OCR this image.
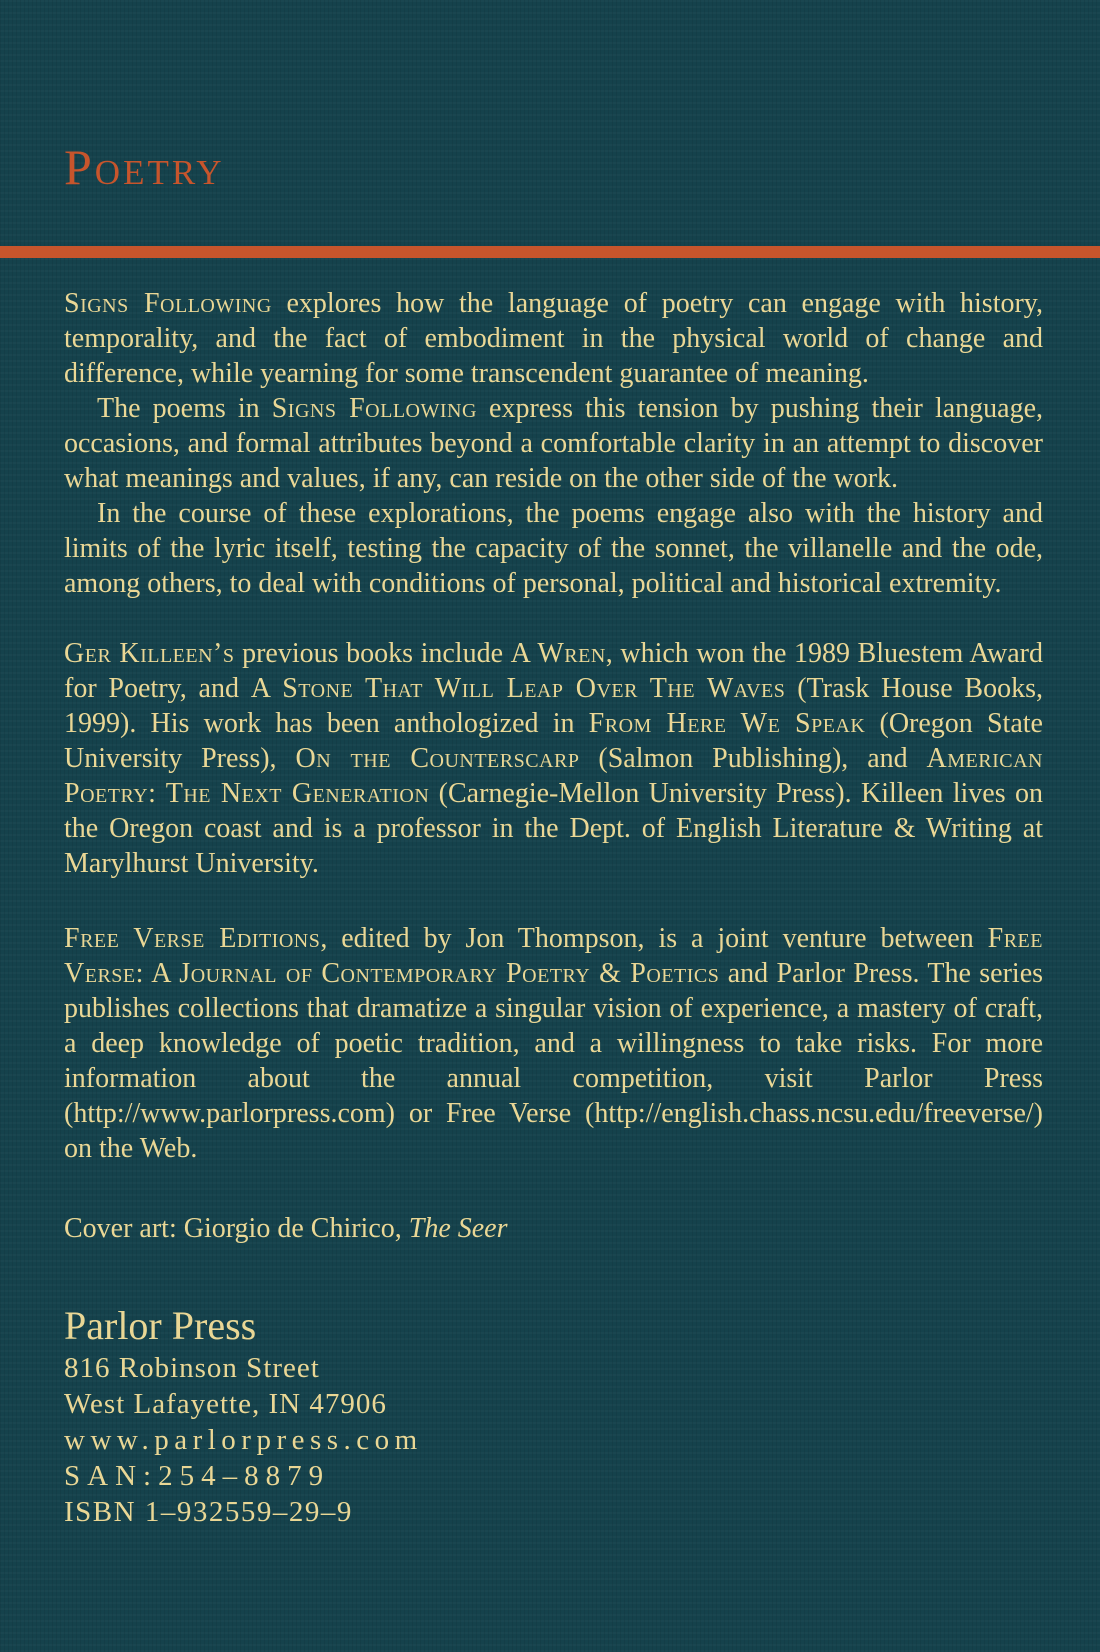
Poetry

Signs Following explores how the language of poetry can engage with history, temporality, and the fact of embodiment in the physical world of change and difference, while yearning for some transcendent guarantee of meaning.

The poems in Signs Following express this tension by pushing their language, occasions, and formal attributes beyond a comfortable clarity in an attempt to discover what meanings and values, if any, can reside on the other side of the work.

In the course of these explorations, the poems engage also with the history and limits of the lyric itself, testing the capacity of the sonnet, the villanelle and the ode, among others, to deal with conditions of personal, political and historical extremity.

Ger Killeen’s previous books include A Wren, which won the 1989 Bluestem Award for Poetry, and A Stone That Will Leap Over The Waves (Trask House Books, 1999). His work has been anthologized in From Here We Speak (Oregon State University Press), On the Counterscarp (Salmon Publishing), and American Poetry: The Next Generation (Carnegie-Mellon University Press). Killeen lives on the Oregon coast and is a professor in the Dept. of English Literature & Writing at Marylhurst University.

Free Verse Editions, edited by Jon Thompson, is a joint venture between Free Verse: A Journal of Contemporary Poetry & Poetics and Parlor Press. The series publishes collections that dramatize a singular vision of experience, a mastery of craft, a deep knowledge of poetic tradition, and a willingness to take risks. For more information about the annual competition, visit Parlor Press (http://www.parlorpress.com) or Free Verse (http://english.chass.ncsu.edu/freeverse/) on the Web.

Cover art: Giorgio de Chirico, The Seer

Parlor Press
816 Robinson Street
West Lafayette, IN 47906
www.parlorpress.com
SAN:254–8879
ISBN 1–932559–29–9
